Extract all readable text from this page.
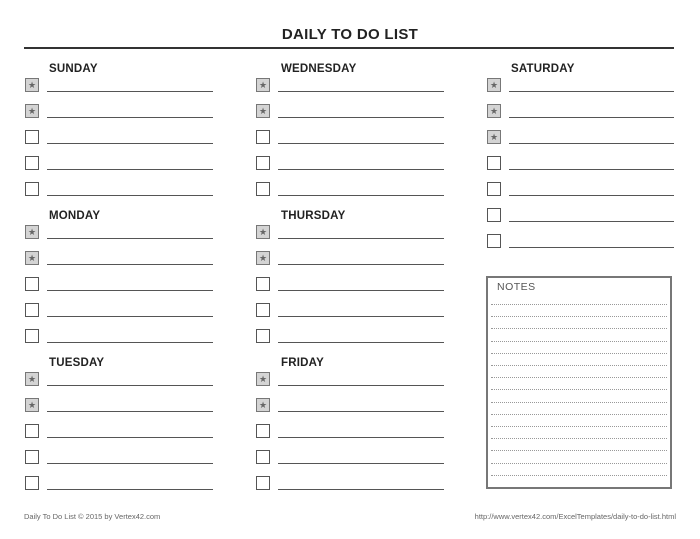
DAILY TO DO LIST
SUNDAY
MONDAY
TUESDAY
WEDNESDAY
THURSDAY
FRIDAY
SATURDAY
★
★
★
★
★
★
★
★
★
★
★
★
★
★
★
NOTES
Daily To Do List © 2015 by Vertex42.com	http://www.vertex42.com/ExcelTemplates/daily-to-do-list.html
